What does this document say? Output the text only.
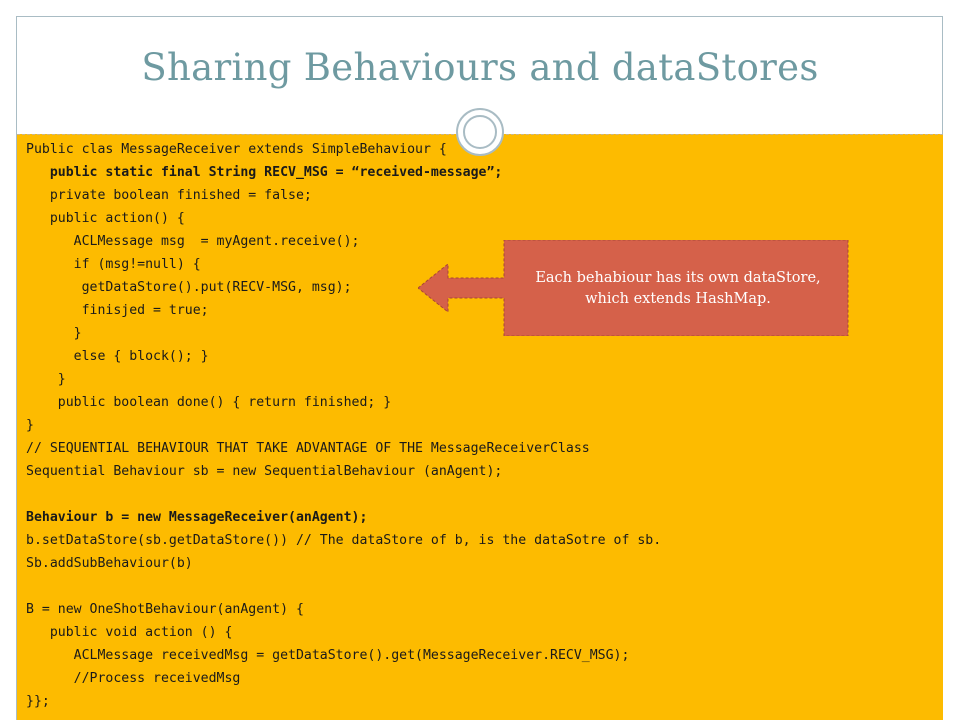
Sharing Behaviours and dataStores
Public clas MessageReceiver extends SimpleBehaviour {
public static final String RECV_MSG = “received-message”;
private boolean finished = false;
public action() {
ACLMessage msg  = myAgent.receive();
if (msg!=null) {
getDataStore().put(RECV-MSG, msg);
finisjed = true;
}
else { block(); }
}
public boolean done() { return finished; }
}
// SEQUENTIAL BEHAVIOUR THAT TAKE ADVANTAGE OF THE MessageReceiverClass
Sequential Behaviour sb = new SequentialBehaviour (anAgent);
Behaviour b = new MessageReceiver(anAgent);
b.setDataStore(sb.getDataStore()) // The dataStore of b, is the dataSotre of sb.
Sb.addSubBehaviour(b)
B = new OneShotBehaviour(anAgent) {
public void action () {
ACLMessage receivedMsg = getDataStore().get(MessageReceiver.RECV_MSG);
//Process receivedMsg
}};
Each behabiour has its own dataStore,
which extends HashMap.
